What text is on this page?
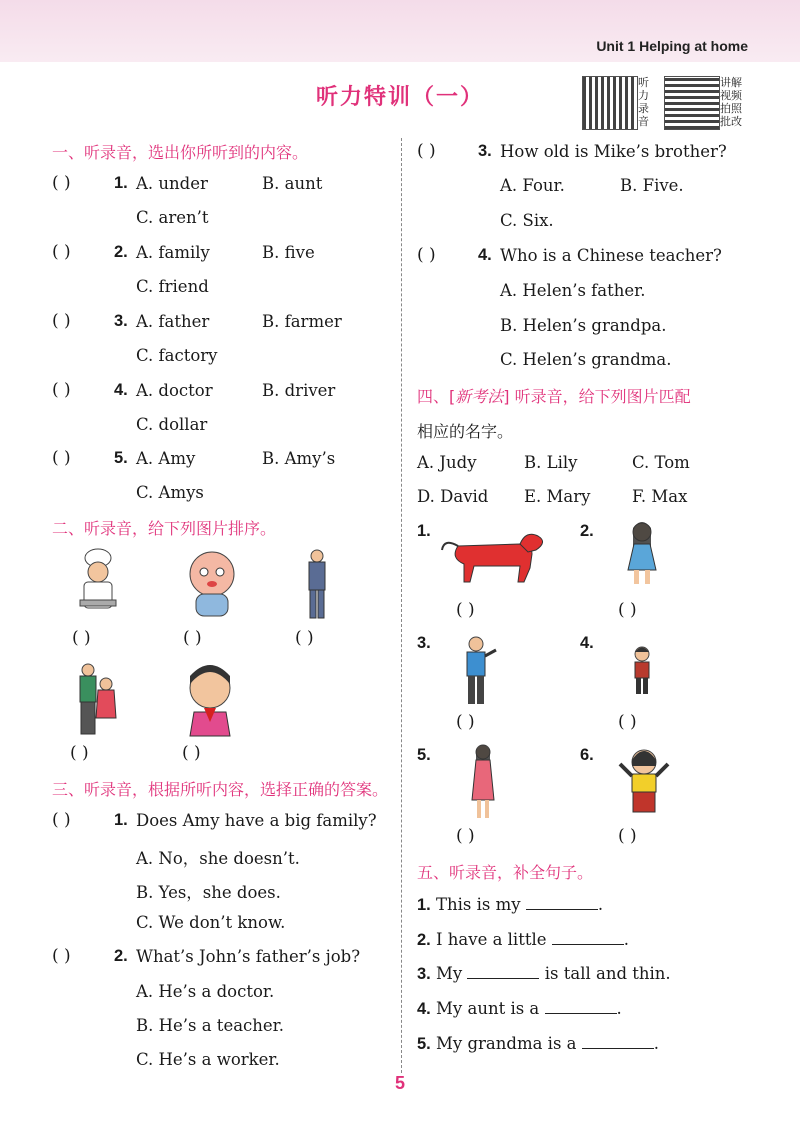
Unit 1 Helping at home
听力特训（一）
听力录音
讲解视频拍照批改
一、听录音，选出你所听到的内容。
( )	1. A. under	B. aunt
C. aren’t
( )	2. A. family	B. five
C. friend
( )	3. A. father	B. farmer
C. factory
( )	4. A. doctor	B. driver
C. dollar
( )	5. A. Amy	B. Amy’s
C. Amys
二、听录音，给下列图片排序。
( )	( )	( )
( )	( )
三、听录音，根据所听内容，选择正确的答案。
( )	1. Does Amy have a big family?
A. No，she doesn’t.
B. Yes，she does.
C. We don’t know.
( )	2. What’s John’s father’s job?
A. He’s a doctor.
B. He’s a teacher.
C. He’s a worker.
( )	3. How old is Mike’s brother?
A. Four.	B. Five.
C. Six.
( )	4. Who is a Chinese teacher?
A. Helen’s father.
B. Helen’s grandpa.
C. Helen’s grandma.
四、[新考法] 听录音，给下列图片匹配
相应的名字。
A. Judy	B. Lily	C. Tom
D. David E. Mary	F. Max
1.
( )
2.
( )
3.
( )
4.
( )
5.
( )
6.
( )
五、听录音，补全句子。
1. This is my	.
2. I have a little	.
3. My	is tall and thin.
4. My aunt is a	.
5. My grandma is a	.
5
